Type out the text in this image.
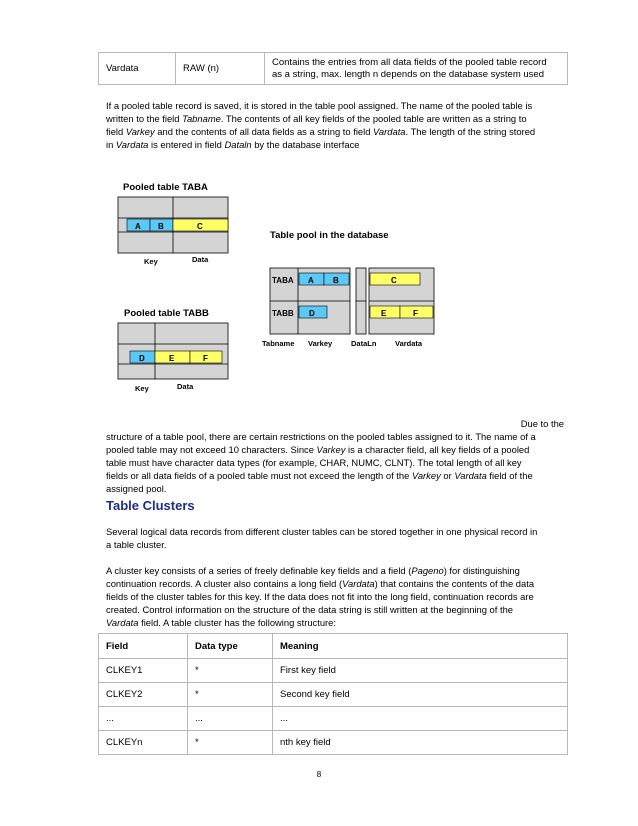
Vardata	RAW (n)	
Contains the entries from all data fields of the pooled table record
as a string, max. length n depends on the database system used
If a pooled table record is saved, it is stored in the table pool assigned. The name of the pooled table is
written to the field Tabname. The contents of all key fields of the pooled table are written as a string to
field Varkey and the contents of all data fields as a string to field Vardata. The length of the string stored
in Vardata is entered in field Dataln by the database interface
Pooled table TABA
A B	C
Key	Data
Pooled table TABB
D	E	F
Key	Data
Table pool in the database
TABA
TABB
A B	C
D	E	F
Tabname Varkey	DataLn Vardata
Due to the
structure of a table pool, there are certain restrictions on the pooled tables assigned to it. The name of a
pooled table may not exceed 10 characters. Since Varkey is a character field, all key fields of a pooled
table must have character data types (for example, CHAR, NUMC, CLNT). The total length of all key
fields or all data fields of a pooled table must not exceed the length of the Varkey or Vardata field of the
assigned pool.
Table Clusters
Several logical data records from different cluster tables can be stored together in one physical record in
a table cluster.
A cluster key consists of a series of freely definable key fields and a field (Pageno) for distinguishing
continuation records. A cluster also contains a long field (Vardata) that contains the contents of the data
fields of the cluster tables for this key. If the data does not fit into the long field, continuation records are
created. Control information on the structure of the data string is still written at the beginning of the
Vardata field. A table cluster has the following structure:
Field	Data type	Meaning
CLKEY1	*	First key field
CLKEY2	*	Second key field
...	...	...
CLKEYn	*	nth key field
8
